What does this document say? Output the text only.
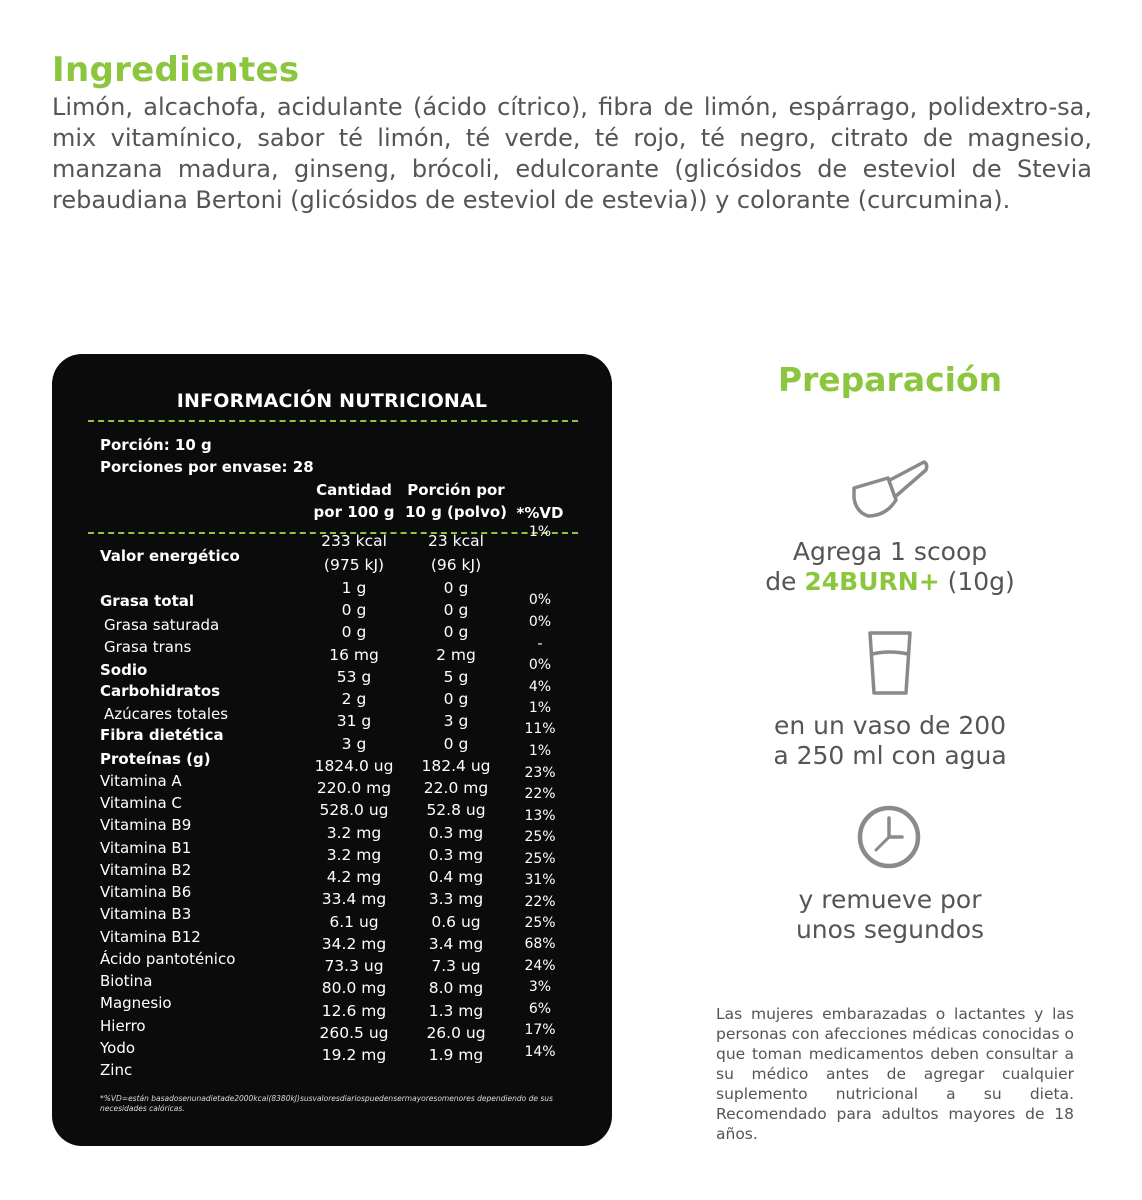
Ingredientes
Limón, alcachofa, acidulante (ácido cítrico), fibra de limón, espárrago, polidextro-sa, mix vitamínico, sabor té limón, té verde, té rojo, té negro, citrato de magnesio, manzana madura, ginseng, brócoli, edulcorante (glicósidos de esteviol de Stevia rebaudiana Bertoni (glicósidos de esteviol de estevia)) y colorante (curcumina).
INFORMACIÓN NUTRICIONAL
Porción: 10 g
Porciones por envase: 28
Cantidad
por 100 g
Porción por
10 g (polvo) *%VD
Valor energético
Grasa total
Grasa saturada
Grasa trans
Sodio
Carbohidratos
Azúcares totales
Fibra dietética
Proteínas (g)
Vitamina A
Vitamina C
Vitamina B9
Vitamina B1
Vitamina B2
Vitamina B6
Vitamina B3
Vitamina B12
Ácido pantoténico
Biotina
Magnesio
Hierro
Yodo
Zinc
233 kcal
(975 kJ)
1 g
0 g
0 g
16 mg
53 g
2 g
31 g
3 g
1824.0 ug
220.0 mg
528.0 ug
3.2 mg
3.2 mg
4.2 mg
33.4 mg
6.1 ug
34.2 mg
73.3 ug
80.0 mg
12.6 mg
260.5 ug
19.2 mg
23 kcal
(96 kJ)
0 g
0 g
0 g
2 mg
5 g
0 g
3 g
0 g
182.4 ug
22.0 mg
52.8 ug
0.3 mg
0.3 mg
0.4 mg
3.3 mg
0.6 ug
3.4 mg
7.3 ug
8.0 mg
1.3 mg
26.0 ug
1.9 mg
1%
0%
0%
-
0%
4%
1%
11%
1%
23%
22%
13%
25%
25%
31%
22%
25%
68%
24%
3%
6%
17%
14%
*%VD=están basadosenunadietade2000kcal(8380kJ)susvaloresdiariospuedensermayoresomenores dependiendo de sus necesidades calóricas.
Preparación
Agrega 1 scoop
de 24BURN+ (10g)
en un vaso de 200
a 250 ml con agua
y remueve por
unos segundos
Las mujeres embarazadas o lactantes y las personas con afecciones médicas conocidas o que toman medicamentos deben consultar a su médico antes de agregar cualquier suplemento nutricional a su dieta. Recomendado para adultos mayores de 18 años.
